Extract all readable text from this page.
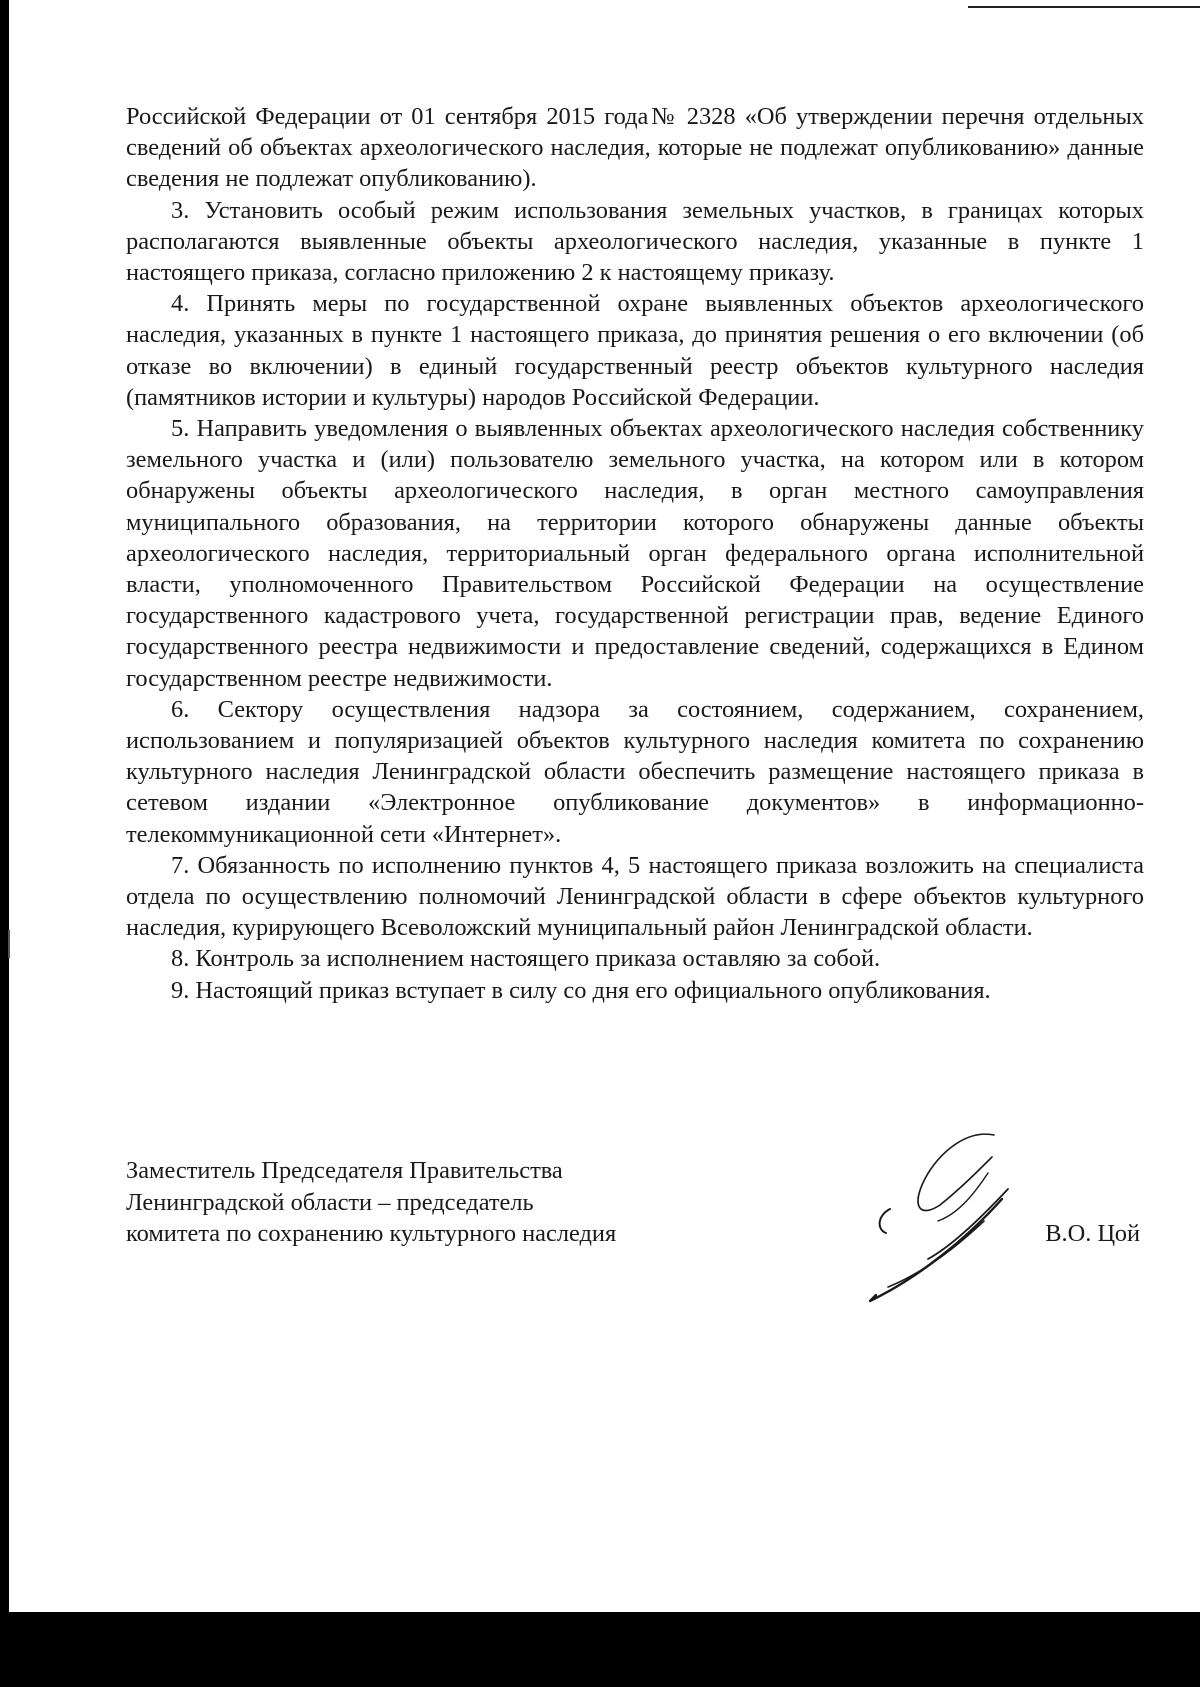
Российской Федерации от 01 сентября 2015 года№ 2328 «Об утверждении перечня отдельных сведений об объектах археологического наследия, которые не подлежат опубликованию» данные сведения не подлежат опубликованию).

3. Установить особый режим использования земельных участков, в границах которых располагаются выявленные объекты археологического наследия, указанные в пункте 1 настоящего приказа, согласно приложению 2 к настоящему приказу.

4. Принять меры по государственной охране выявленных объектов археологического наследия, указанных в пункте 1 настоящего приказа, до принятия решения о его включении (об отказе во включении) в единый государственный реестр объектов культурного наследия (памятников истории и культуры) народов Российской Федерации.

5. Направить уведомления о выявленных объектах археологического наследия собственнику земельного участка и (или) пользователю земельного участка, на котором или в котором обнаружены объекты археологического наследия, в орган местного самоуправления муниципального образования, на территории которого обнаружены данные объекты археологического наследия, территориальный орган федерального органа исполнительной власти, уполномоченного Правительством Российской Федерации на осуществление государственного кадастрового учета, государственной регистрации прав, ведение Единого государственного реестра недвижимости и предоставление сведений, содержащихся в Едином государственном реестре недвижимости.

6. Сектору осуществления надзора за состоянием, содержанием, сохранением, использованием и популяризацией объектов культурного наследия комитета по сохранению культурного наследия Ленинградской области обеспечить размещение настоящего приказа в сетевом издании «Электронное опубликование документов» в информационно-телекоммуникационной сети «Интернет».

7. Обязанность по исполнению пунктов 4, 5 настоящего приказа возложить на специалиста отдела по осуществлению полномочий Ленинградской области в сфере объектов культурного наследия, курирующего Всеволожский муниципальный район Ленинградской области.

8. Контроль за исполнением настоящего приказа оставляю за собой.

9. Настоящий приказ вступает в силу со дня его официального опубликования.

Заместитель Председателя Правительства
Ленинградской области – председатель
комитета по сохранению культурного наследия	В.О. Цой
